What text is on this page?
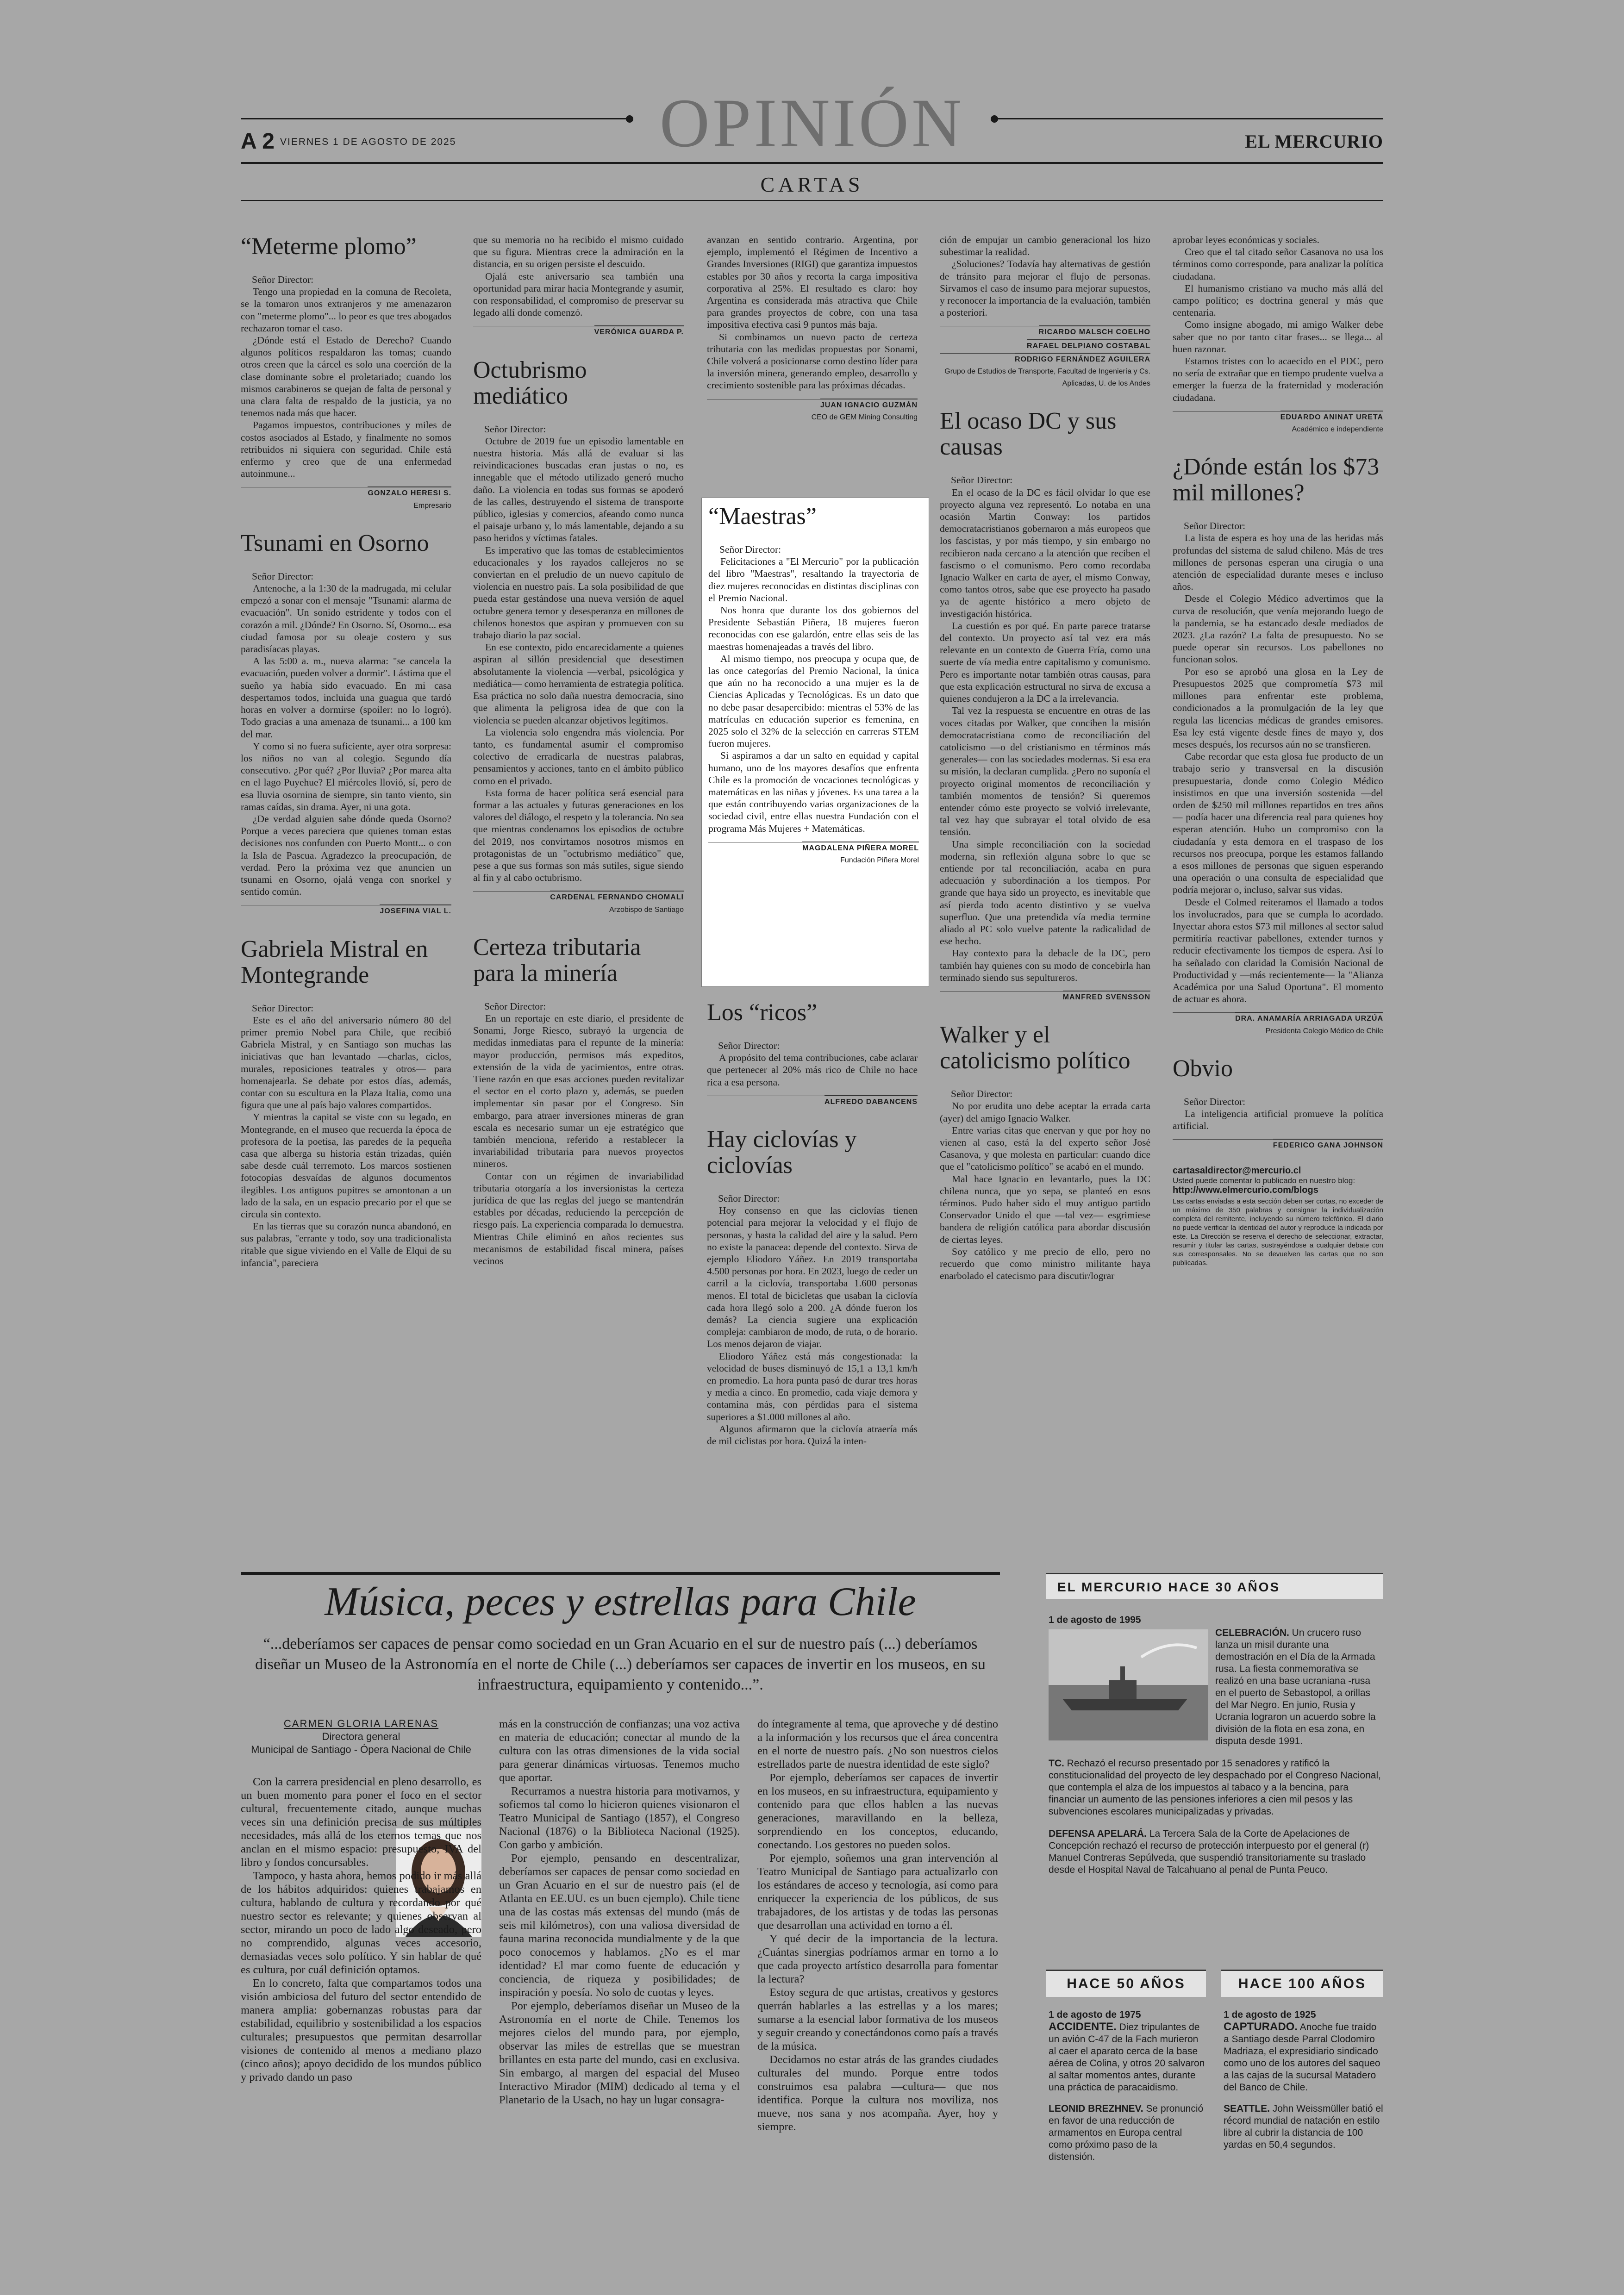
OPINIÓN
A 2 VIERNES 1 DE AGOSTO DE 2025	EL MERCURIO
CARTAS
“Meterme plomo”

Señor Director:

Tengo una propiedad en la comuna de Recoleta, se la tomaron unos extranjeros y me amenazaron con "meterme plomo"... lo peor es que tres abogados rechazaron tomar el caso.

¿Dónde está el Estado de Derecho? Cuando algunos políticos respaldaron las tomas; cuando otros creen que la cárcel es solo una coerción de la clase dominante sobre el proletariado; cuando los mismos carabineros se quejan de falta de personal y una clara falta de respaldo de la justicia, ya no tenemos nada más que hacer.

Pagamos impuestos, contribuciones y miles de costos asociados al Estado, y finalmente no somos retribuidos ni siquiera con seguridad. Chile está enfermo y creo que de una enfermedad autoinmune...

GONZALO HERESI S.
Empresario
Tsunami en Osorno

Señor Director:

Antenoche, a la 1:30 de la madrugada, mi celular empezó a sonar con el mensaje "Tsunami: alarma de evacuación". Un sonido estridente y todos con el corazón a mil. ¿Dónde? En Osorno. Sí, Osorno... esa ciudad famosa por su oleaje costero y sus paradisíacas playas.

A las 5:00 a. m., nueva alarma: "se cancela la evacuación, pueden volver a dormir". Lástima que el sueño ya había sido evacuado. En mi casa despertamos todos, incluida una guagua que tardó horas en volver a dormirse (spoiler: no lo logró). Todo gracias a una amenaza de tsunami... a 100 km del mar.

Y como si no fuera suficiente, ayer otra sorpresa: los niños no van al colegio. Segundo día consecutivo. ¿Por qué? ¿Por lluvia? ¿Por marea alta en el lago Puyehue? El miércoles llovió, sí, pero de esa lluvia osornina de siempre, sin tanto viento, sin ramas caídas, sin drama. Ayer, ni una gota.

¿De verdad alguien sabe dónde queda Osorno? Porque a veces pareciera que quienes toman estas decisiones nos confunden con Puerto Montt... o con la Isla de Pascua. Agradezco la preocupación, de verdad. Pero la próxima vez que anuncien un tsunami en Osorno, ojalá venga con snorkel y sentido común.

JOSEFINA VIAL L.
Gabriela Mistral en Montegrande

Señor Director:

Este es el año del aniversario número 80 del primer premio Nobel para Chile, que recibió Gabriela Mistral, y en Santiago son muchas las iniciativas que han levantado —charlas, ciclos, murales, reposiciones teatrales y otros— para homenajearla. Se debate por estos días, además, contar con su escultura en la Plaza Italia, como una figura que une al país bajo valores compartidos.

Y mientras la capital se viste con su legado, en Montegrande, en el museo que recuerda la época de profesora de la poetisa, las paredes de la pequeña casa que alberga su historia están trizadas, quién sabe desde cuál terremoto. Los marcos sostienen fotocopias desvaídas de algunos documentos ilegibles. Los antiguos pupitres se amontonan a un lado de la sala, en un espacio precario por el que se circula sin contexto.

En las tierras que su corazón nunca abandonó, en sus palabras, "errante y todo, soy una tradicionalista ritable que sigue viviendo en el Valle de Elqui de su infancia", pareciera

que su memoria no ha recibido el mismo cuidado que su figura. Mientras crece la admiración en la distancia, en su origen persiste el descuido.

Ojalá este aniversario sea también una oportunidad para mirar hacia Montegrande y asumir, con responsabilidad, el compromiso de preservar su legado allí donde comenzó.

VERÓNICA GUARDA P.
Octubrismo mediático

Señor Director:

Octubre de 2019 fue un episodio lamentable en nuestra historia. Más allá de evaluar si las reivindicaciones buscadas eran justas o no, es innegable que el método utilizado generó mucho daño. La violencia en todas sus formas se apoderó de las calles, destruyendo el sistema de transporte público, iglesias y comercios, afeando como nunca el paisaje urbano y, lo más lamentable, dejando a su paso heridos y víctimas fatales.

Es imperativo que las tomas de establecimientos educacionales y los rayados callejeros no se conviertan en el preludio de un nuevo capítulo de violencia en nuestro país. La sola posibilidad de que pueda estar gestándose una nueva versión de aquel octubre genera temor y desesperanza en millones de chilenos honestos que aspiran y promueven con su trabajo diario la paz social.

En ese contexto, pido encarecidamente a quienes aspiran al sillón presidencial que desestimen absolutamente la violencia —verbal, psicológica y mediática— como herramienta de estrategia política. Esa práctica no solo daña nuestra democracia, sino que alimenta la peligrosa idea de que con la violencia se pueden alcanzar objetivos legítimos.

La violencia solo engendra más violencia. Por tanto, es fundamental asumir el compromiso colectivo de erradicarla de nuestras palabras, pensamientos y acciones, tanto en el ámbito público como en el privado.

Esta forma de hacer política será esencial para formar a las actuales y futuras generaciones en los valores del diálogo, el respeto y la tolerancia. No sea que mientras condenamos los episodios de octubre del 2019, nos convirtamos nosotros mismos en protagonistas de un "octubrismo mediático" que, pese a que sus formas son más sutiles, sigue siendo al fin y al cabo octubrismo.

CARDENAL FERNANDO CHOMALI
Arzobispo de Santiago
Certeza tributaria para la minería

Señor Director:

En un reportaje en este diario, el presidente de Sonami, Jorge Riesco, subrayó la urgencia de medidas inmediatas para el repunte de la minería: mayor producción, permisos más expeditos, extensión de la vida de yacimientos, entre otras. Tiene razón en que esas acciones pueden revitalizar el sector en el corto plazo y, además, se pueden implementar sin pasar por el Congreso. Sin embargo, para atraer inversiones mineras de gran escala es necesario sumar un eje estratégico que también menciona, referido a restablecer la invariabilidad tributaria para nuevos proyectos mineros.

Contar con un régimen de invariabilidad tributaria otorgaría a los inversionistas la certeza jurídica de que las reglas del juego se mantendrán estables por décadas, reduciendo la percepción de riesgo país. La experiencia comparada lo demuestra. Mientras Chile eliminó en años recientes sus mecanismos de estabilidad fiscal minera, países vecinos

avanzan en sentido contrario. Argentina, por ejemplo, implementó el Régimen de Incentivo a Grandes Inversiones (RIGI) que garantiza impuestos estables por 30 años y recorta la carga impositiva corporativa al 25%. El resultado es claro: hoy Argentina es considerada más atractiva que Chile para grandes proyectos de cobre, con una tasa impositiva efectiva casi 9 puntos más baja.

Si combinamos un nuevo pacto de certeza tributaria con las medidas propuestas por Sonami, Chile volverá a posicionarse como destino líder para la inversión minera, generando empleo, desarrollo y crecimiento sostenible para las próximas décadas.

JUAN IGNACIO GUZMÁN
CEO de GEM Mining Consulting
“Maestras”

Señor Director:

Felicitaciones a "El Mercurio" por la publicación del libro "Maestras", resaltando la trayectoria de diez mujeres reconocidas en distintas disciplinas con el Premio Nacional.

Nos honra que durante los dos gobiernos del Presidente Sebastián Piñera, 18 mujeres fueron reconocidas con ese galardón, entre ellas seis de las maestras homenajeadas a través del libro.

Al mismo tiempo, nos preocupa y ocupa que, de las once categorías del Premio Nacional, la única que aún no ha reconocido a una mujer es la de Ciencias Aplicadas y Tecnológicas. Es un dato que no debe pasar desapercibido: mientras el 53% de las matrículas en educación superior es femenina, en 2025 solo el 32% de la selección en carreras STEM fueron mujeres.

Si aspiramos a dar un salto en equidad y capital humano, uno de los mayores desafíos que enfrenta Chile es la promoción de vocaciones tecnológicas y matemáticas en las niñas y jóvenes. Es una tarea a la que están contribuyendo varias organizaciones de la sociedad civil, entre ellas nuestra Fundación con el programa Más Mujeres + Matemáticas.

MAGDALENA PIÑERA MOREL
Fundación Piñera Morel
Los “ricos”

Señor Director:

A propósito del tema contribuciones, cabe aclarar que pertenecer al 20% más rico de Chile no hace rica a esa persona.

ALFREDO DABANCENS
Hay ciclovías y ciclovías

Señor Director:

Hoy consenso en que las ciclovías tienen potencial para mejorar la velocidad y el flujo de personas, y hasta la calidad del aire y la salud. Pero no existe la panacea: depende del contexto. Sirva de ejemplo Eliodoro Yáñez. En 2019 transportaba 4.500 personas por hora. En 2023, luego de ceder un carril a la ciclovía, transportaba 1.600 personas menos. El total de bicicletas que usaban la ciclovía cada hora llegó solo a 200. ¿A dónde fueron los demás? La ciencia sugiere una explicación compleja: cambiaron de modo, de ruta, o de horario. Los menos dejaron de viajar.

Eliodoro Yáñez está más congestionada: la velocidad de buses disminuyó de 15,1 a 13,1 km/h en promedio. La hora punta pasó de durar tres horas y media a cinco. En promedio, cada viaje demora y contamina más, con pérdidas para el sistema superiores a $1.000 millones al año.

Algunos afirmaron que la ciclovía atraería más de mil ciclistas por hora. Quizá la inten-

ción de empujar un cambio generacional los hizo subestimar la realidad.

¿Soluciones? Todavía hay alternativas de gestión de tránsito para mejorar el flujo de personas. Sirvamos el caso de insumo para mejorar supuestos, y reconocer la importancia de la evaluación, también a posteriori.

RICARDO MALSCH COELHO
RAFAEL DELPIANO COSTABAL
RODRIGO FERNÁNDEZ AGUILERA
Grupo de Estudios de Transporte, Facultad de Ingeniería y Cs. Aplicadas, U. de los Andes
El ocaso DC y sus causas

Señor Director:

En el ocaso de la DC es fácil olvidar lo que ese proyecto alguna vez representó. Lo notaba en una ocasión Martin Conway: los partidos democratacristianos gobernaron a más europeos que los fascistas, y por más tiempo, y sin embargo no recibieron nada cercano a la atención que reciben el fascismo o el comunismo. Pero como recordaba Ignacio Walker en carta de ayer, el mismo Conway, como tantos otros, sabe que ese proyecto ha pasado ya de agente histórico a mero objeto de investigación histórica.

La cuestión es por qué. En parte parece tratarse del contexto. Un proyecto así tal vez era más relevante en un contexto de Guerra Fría, como una suerte de vía media entre capitalismo y comunismo. Pero es importante notar también otras causas, para que esta explicación estructural no sirva de excusa a quienes condujeron a la DC a la irrelevancia.

Tal vez la respuesta se encuentre en otras de las voces citadas por Walker, que conciben la misión democratacristiana como de reconciliación del catolicismo —o del cristianismo en términos más generales— con las sociedades modernas. Si esa era su misión, la declaran cumplida. ¿Pero no suponía el proyecto original momentos de reconciliación y también momentos de tensión? Si queremos entender cómo este proyecto se volvió irrelevante, tal vez hay que subrayar el total olvido de esa tensión.

Una simple reconciliación con la sociedad moderna, sin reflexión alguna sobre lo que se entiende por tal reconciliación, acaba en pura adecuación y subordinación a los tiempos. Por grande que haya sido un proyecto, es inevitable que así pierda todo acento distintivo y se vuelva superfluo. Que una pretendida vía media termine aliado al PC solo vuelve patente la radicalidad de ese hecho.

Hay contexto para la debacle de la DC, pero también hay quienes con su modo de concebirla han terminado siendo sus sepultureros.

MANFRED SVENSSON
Walker y el catolicismo político

Señor Director:

No por erudita uno debe aceptar la errada carta (ayer) del amigo Ignacio Walker.

Entre varias citas que enervan y que por hoy no vienen al caso, está la del experto señor José Casanova, y que molesta en particular: cuando dice que el "catolicismo político" se acabó en el mundo.

Mal hace Ignacio en levantarlo, pues la DC chilena nunca, que yo sepa, se planteó en esos términos. Pudo haber sido el muy antiguo partido Conservador Unido el que —tal vez— esgrimiese bandera de religión católica para abordar discusión de ciertas leyes.

Soy católico y me precio de ello, pero no recuerdo que como ministro militante haya enarbolado el catecismo para discutir/lograr

aprobar leyes económicas y sociales.

Creo que el tal citado señor Casanova no usa los términos como corresponde, para analizar la política ciudadana.

El humanismo cristiano va mucho más allá del campo político; es doctrina general y más que centenaria.

Como insigne abogado, mi amigo Walker debe saber que no por tanto citar frases... se llega... al buen razonar.

Estamos tristes con lo acaecido en el PDC, pero no sería de extrañar que en tiempo prudente vuelva a emerger la fuerza de la fraternidad y moderación ciudadana.

EDUARDO ANINAT URETA
Académico e independiente
¿Dónde están los $73 mil millones?

Señor Director:

La lista de espera es hoy una de las heridas más profundas del sistema de salud chileno. Más de tres millones de personas esperan una cirugía o una atención de especialidad durante meses e incluso años.

Desde el Colegio Médico advertimos que la curva de resolución, que venía mejorando luego de la pandemia, se ha estancado desde mediados de 2023. ¿La razón? La falta de presupuesto. No se puede operar sin recursos. Los pabellones no funcionan solos.

Por eso se aprobó una glosa en la Ley de Presupuestos 2025 que comprometía $73 mil millones para enfrentar este problema, condicionados a la promulgación de la ley que regula las licencias médicas de grandes emisores. Esa ley está vigente desde fines de mayo y, dos meses después, los recursos aún no se transfieren.

Cabe recordar que esta glosa fue producto de un trabajo serio y transversal en la discusión presupuestaria, donde como Colegio Médico insistimos en que una inversión sostenida —del orden de $250 mil millones repartidos en tres años— podía hacer una diferencia real para quienes hoy esperan atención. Hubo un compromiso con la ciudadanía y esta demora en el traspaso de los recursos nos preocupa, porque les estamos fallando a esos millones de personas que siguen esperando una operación o una consulta de especialidad que podría mejorar o, incluso, salvar sus vidas.

Desde el Colmed reiteramos el llamado a todos los involucrados, para que se cumpla lo acordado. Inyectar ahora estos $73 mil millones al sector salud permitiría reactivar pabellones, extender turnos y reducir efectivamente los tiempos de espera. Así lo ha señalado con claridad la Comisión Nacional de Productividad y —más recientemente— la "Alianza Académica por una Salud Oportuna". El momento de actuar es ahora.

DRA. ANAMARÍA ARRIAGADA URZÚA
Presidenta Colegio Médico de Chile
Obvio

Señor Director:

La inteligencia artificial promueve la política artificial.

FEDERICO GANA JOHNSON
cartasaldirector@mercurio.cl
Usted puede comentar lo publicado en nuestro blog:
http://www.elmercurio.com/blogs
Las cartas enviadas a esta sección deben ser cortas, no exceder de un máximo de 350 palabras y consignar la individualización completa del remitente, incluyendo su número telefónico. El diario no puede verificar la identidad del autor y reproduce la indicada por este. La Dirección se reserva el derecho de seleccionar, extractar, resumir y titular las cartas, sustrayéndose a cualquier debate con sus corresponsales. No se devuelven las cartas que no son publicadas.
Música, peces y estrellas para Chile
“...deberíamos ser capaces de pensar como sociedad en un Gran Acuario en el sur de nuestro país (...) deberíamos diseñar un Museo de la Astronomía en el norte de Chile (...) deberíamos ser capaces de invertir en los museos, en su infraestructura, equipamiento y contenido...”.
CARMEN GLORIA LARENAS
Directora general
Municipal de Santiago - Ópera Nacional de Chile

Con la carrera presidencial en pleno desarrollo, es un buen momento para poner el foco en el sector cultural, frecuentemente citado, aunque muchas veces sin una definición precisa de sus múltiples necesidades, más allá de los eternos temas que nos anclan en el mismo espacio: presupuesto, IVA del libro y fondos concursables.

Tampoco, y hasta ahora, hemos podido ir más allá de los hábitos adquiridos: quienes trabajamos en cultura, hablando de cultura y recordando por qué nuestro sector es relevante; y quienes observan al sector, mirando un poco de lado algo deseado, pero no comprendido, algunas veces accesorio, demasiadas veces solo político. Y sin hablar de qué es cultura, por cuál definición optamos.

En lo concreto, falta que compartamos todos una visión ambiciosa del futuro del sector entendido de manera amplia: gobernanzas robustas para dar estabilidad, equilibrio y sostenibilidad a los espacios culturales; presupuestos que permitan desarrollar visiones de contenido al menos a mediano plazo (cinco años); apoyo decidido de los mundos público y privado dando un paso

más en la construcción de confianzas; una voz activa en materia de educación; conectar al mundo de la cultura con las otras dimensiones de la vida social para generar dinámicas virtuosas. Tenemos mucho que aportar.

Recurramos a nuestra historia para motivarnos, y sofiemos tal como lo hicieron quienes visionaron el Teatro Municipal de Santiago (1857), el Congreso Nacional (1876) o la Biblioteca Nacional (1925). Con garbo y ambición.

Por ejemplo, pensando en descentralizar, deberíamos ser capaces de pensar como sociedad en un Gran Acuario en el sur de nuestro país (el de Atlanta en EE.UU. es un buen ejemplo). Chile tiene una de las costas más extensas del mundo (más de seis mil kilómetros), con una valiosa diversidad de fauna marina reconocida mundialmente y de la que poco conocemos y hablamos. ¿No es el mar identidad? El mar como fuente de educación y conciencia, de riqueza y posibilidades; de inspiración y poesía. No solo de cuotas y leyes.

Por ejemplo, deberíamos diseñar un Museo de la Astronomía en el norte de Chile. Tenemos los mejores cielos del mundo para, por ejemplo, observar las miles de estrellas que se muestran brillantes en esta parte del mundo, casi en exclusiva. Sin embargo, al margen del espacial del Museo Interactivo Mirador (MIM) dedicado al tema y el Planetario de la Usach, no hay un lugar consagra-

do íntegramente al tema, que aproveche y dé destino a la información y los recursos que el área concentra en el norte de nuestro país. ¿No son nuestros cielos estrellados parte de nuestra identidad de este siglo?

Por ejemplo, deberíamos ser capaces de invertir en los museos, en su infraestructura, equipamiento y contenido para que ellos hablen a las nuevas generaciones, maravillando en la belleza, sorprendiendo en los conceptos, educando, conectando. Los gestores no pueden solos.

Por ejemplo, soñemos una gran intervención al Teatro Municipal de Santiago para actualizarlo con los estándares de acceso y tecnología, así como para enriquecer la experiencia de los públicos, de sus trabajadores, de los artistas y de todas las personas que desarrollan una actividad en torno a él.

Y qué decir de la importancia de la lectura. ¿Cuántas sinergias podríamos armar en torno a lo que cada proyecto artístico desarrolla para fomentar la lectura?

Estoy segura de que artistas, creativos y gestores querrán hablarles a las estrellas y a los mares; sumarse a la esencial labor formativa de los museos y seguir creando y conectándonos como país a través de la música.

Decidamos no estar atrás de las grandes ciudades culturales del mundo. Porque entre todos construimos esa palabra —cultura— que nos identifica. Porque la cultura nos moviliza, nos mueve, nos sana y nos acompaña. Ayer, hoy y siempre.

EL MERCURIO HACE 30 AÑOS
1 de agosto de 1995
CELEBRACIÓN. Un crucero ruso lanza un misil durante una demostración en el Día de la Armada rusa. La fiesta conmemorativa se realizó en una base ucraniana -rusa en el puerto de Sebastopol, a orillas del Mar Negro. En junio, Rusia y Ucrania lograron un acuerdo sobre la división de la flota en esa zona, en disputa desde 1991.
TC. Rechazó el recurso presentado por 15 senadores y ratificó la constitucionalidad del proyecto de ley despachado por el Congreso Nacional, que contempla el alza de los impuestos al tabaco y a la bencina, para financiar un aumento de las pensiones inferiores a cien mil pesos y las subvenciones escolares municipalizadas y privadas.
DEFENSA APELARÁ. La Tercera Sala de la Corte de Apelaciones de Concepción rechazó el recurso de protección interpuesto por el general (r) Manuel Contreras Sepúlveda, que suspendió transitoriamente su traslado desde el Hospital Naval de Talcahuano al penal de Punta Peuco.
HACE 50 AÑOS
1 de agosto de 1975
ACCIDENTE. Diez tripulantes de un avión C-47 de la Fach murieron al caer el aparato cerca de la base aérea de Colina, y otros 20 salvaron al saltar momentos antes, durante una práctica de paracaidismo.
LEONID BREZHNEV. Se pronunció en favor de una reducción de armamentos en Europa central como próximo paso de la distensión.
HACE 100 AÑOS
1 de agosto de 1925
CAPTURADO. Anoche fue traído a Santiago desde Parral Clodomiro Madriaza, el expresidiario sindicado como uno de los autores del saqueo a las cajas de la sucursal Matadero del Banco de Chile.
SEATTLE. John Weissmüller batió el récord mundial de natación en estilo libre al cubrir la distancia de 100 yardas en 50,4 segundos.
